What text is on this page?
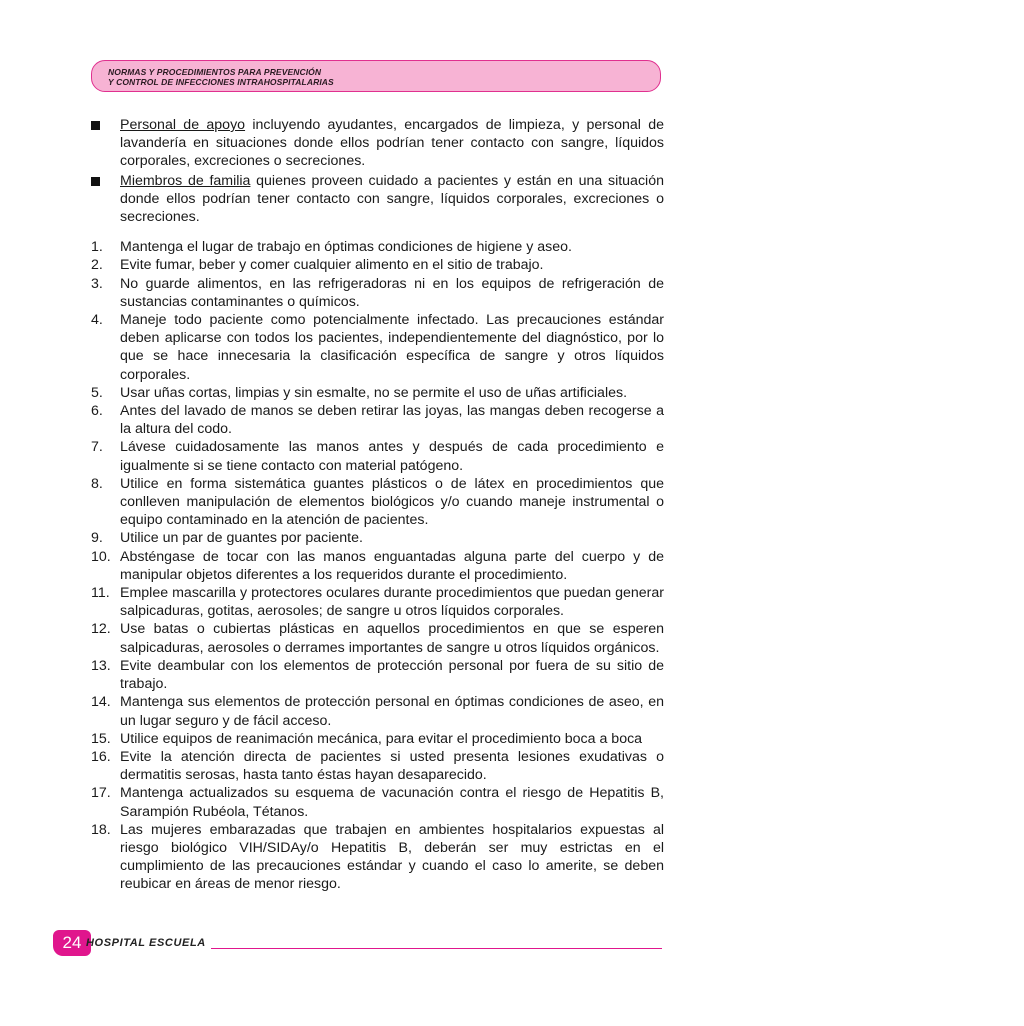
NORMAS Y PROCEDIMIENTOS PARA PREVENCIÓN
Y CONTROL DE INFECCIONES INTRAHOSPITALARIAS
Personal de apoyo incluyendo ayudantes, encargados de limpieza, y personal de lavandería en situaciones donde ellos podrían tener contacto con sangre, líquidos corporales, excreciones o secreciones.
Miembros de familia quienes proveen cuidado a pacientes y están en una situación donde ellos podrían tener contacto con sangre, líquidos corporales, excreciones o secreciones.
1. Mantenga el lugar de trabajo en óptimas condiciones de higiene y aseo.
2. Evite fumar, beber y comer cualquier alimento en el sitio de trabajo.
3. No guarde alimentos, en las refrigeradoras ni en los equipos de refrigeración de sustancias contaminantes o químicos.
4. Maneje todo paciente como potencialmente infectado. Las precauciones estándar deben aplicarse con todos los pacientes, independientemente del diagnóstico, por lo que se hace innecesaria la clasificación específica de sangre y otros líquidos corporales.
5. Usar uñas cortas, limpias y sin esmalte, no se permite el uso de uñas artificiales.
6. Antes del lavado de manos se deben retirar las joyas, las mangas deben recogerse a la altura del codo.
7. Lávese cuidadosamente las manos antes y después de cada procedimiento e igualmente si se tiene contacto con material patógeno.
8. Utilice en forma sistemática guantes plásticos o de látex en procedimientos que conlleven manipulación de elementos biológicos y/o cuando maneje instrumental o equipo contaminado en la atención de pacientes.
9. Utilice un par de guantes por paciente.
10. Absténgase de tocar con las manos enguantadas alguna parte del cuerpo y de manipular objetos diferentes a los requeridos durante el procedimiento.
11. Emplee mascarilla y protectores oculares durante procedimientos que puedan generar salpicaduras, gotitas, aerosoles; de sangre u otros líquidos corporales.
12. Use batas o cubiertas plásticas en aquellos procedimientos en que se esperen salpicaduras, aerosoles o derrames importantes de sangre u otros líquidos orgánicos.
13. Evite deambular con los elementos de protección personal por fuera de su sitio de trabajo.
14. Mantenga sus elementos de protección personal en óptimas condiciones de aseo, en un lugar seguro y de fácil acceso.
15. Utilice equipos de reanimación mecánica, para evitar el procedimiento boca a boca
16. Evite la atención directa de pacientes si usted presenta lesiones exudativas o dermatitis serosas, hasta tanto éstas hayan desaparecido.
17. Mantenga actualizados su esquema de vacunación contra el riesgo de Hepatitis B, Sarampión Rubéola, Tétanos.
18. Las mujeres embarazadas que trabajen en ambientes hospitalarios expuestas al riesgo biológico VIH/SIDAy/o Hepatitis B, deberán ser muy estrictas en el cumplimiento de las precauciones estándar y cuando el caso lo amerite, se deben reubicar en áreas de menor riesgo.
24 HOSPITAL ESCUELA
